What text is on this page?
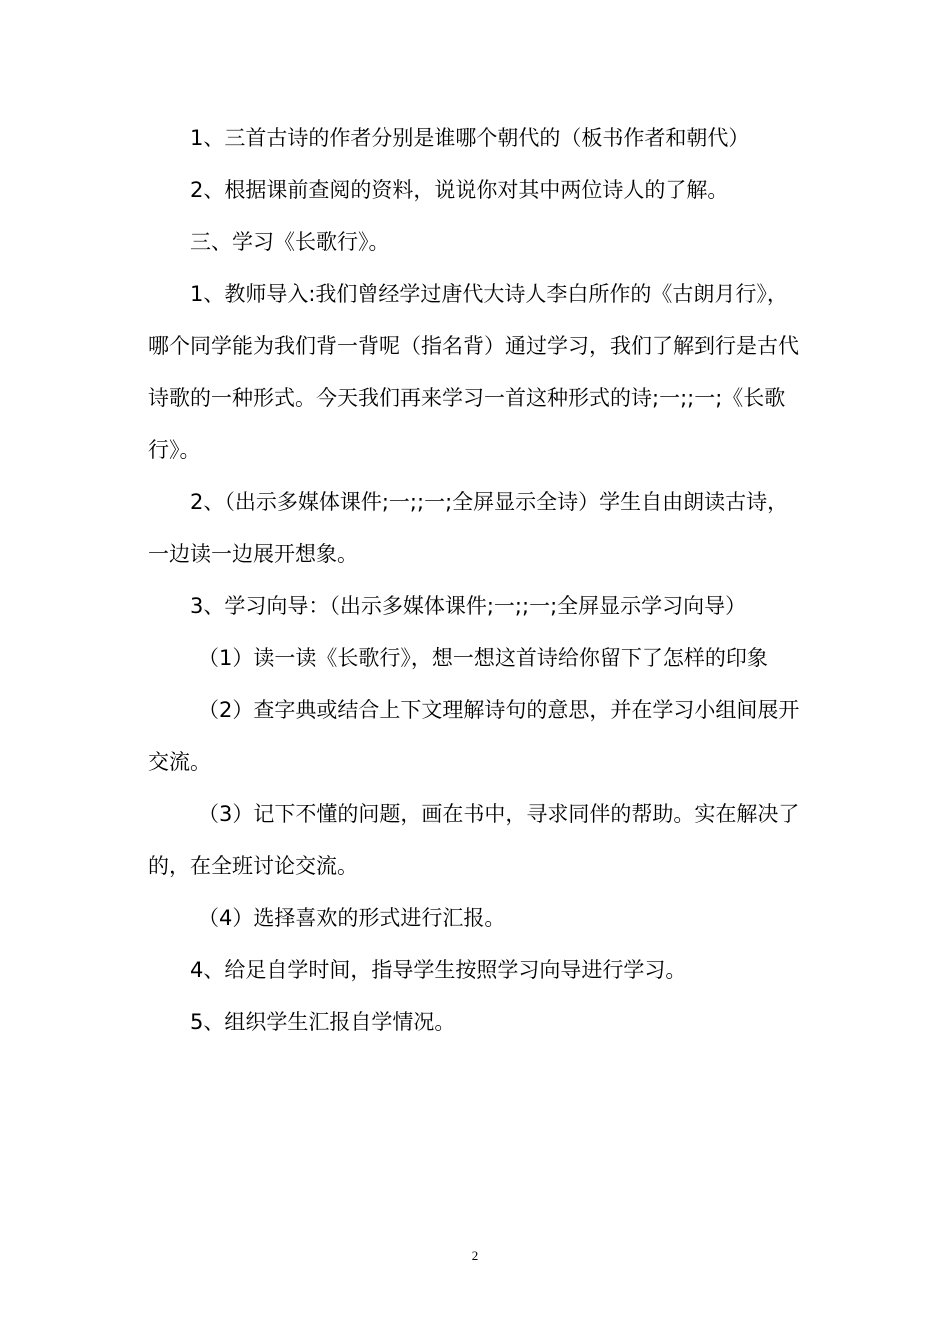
1、三首古诗的作者分别是谁哪个朝代的（板书作者和朝代）

2、根据课前查阅的资料，说说你对其中两位诗人的了解。

三、学习《长歌行》。

1、教师导入:我们曾经学过唐代大诗人李白所作的《古朗月行》，哪个同学能为我们背一背呢（指名背）通过学习，我们了解到行是古代诗歌的一种形式。今天我们再来学习一首这种形式的诗;一;;一;《长歌行》。

2、（出示多媒体课件;一;;一;全屏显示全诗）学生自由朗读古诗，一边读一边展开想象。

3、学习向导：（出示多媒体课件;一;;一;全屏显示学习向导）

（1）读一读《长歌行》，想一想这首诗给你留下了怎样的印象

（2）查字典或结合上下文理解诗句的意思，并在学习小组间展开交流。

（3）记下不懂的问题，画在书中，寻求同伴的帮助。实在解决了的，在全班讨论交流。

（4）选择喜欢的形式进行汇报。

4、给足自学时间，指导学生按照学习向导进行学习。

5、组织学生汇报自学情况。

2
